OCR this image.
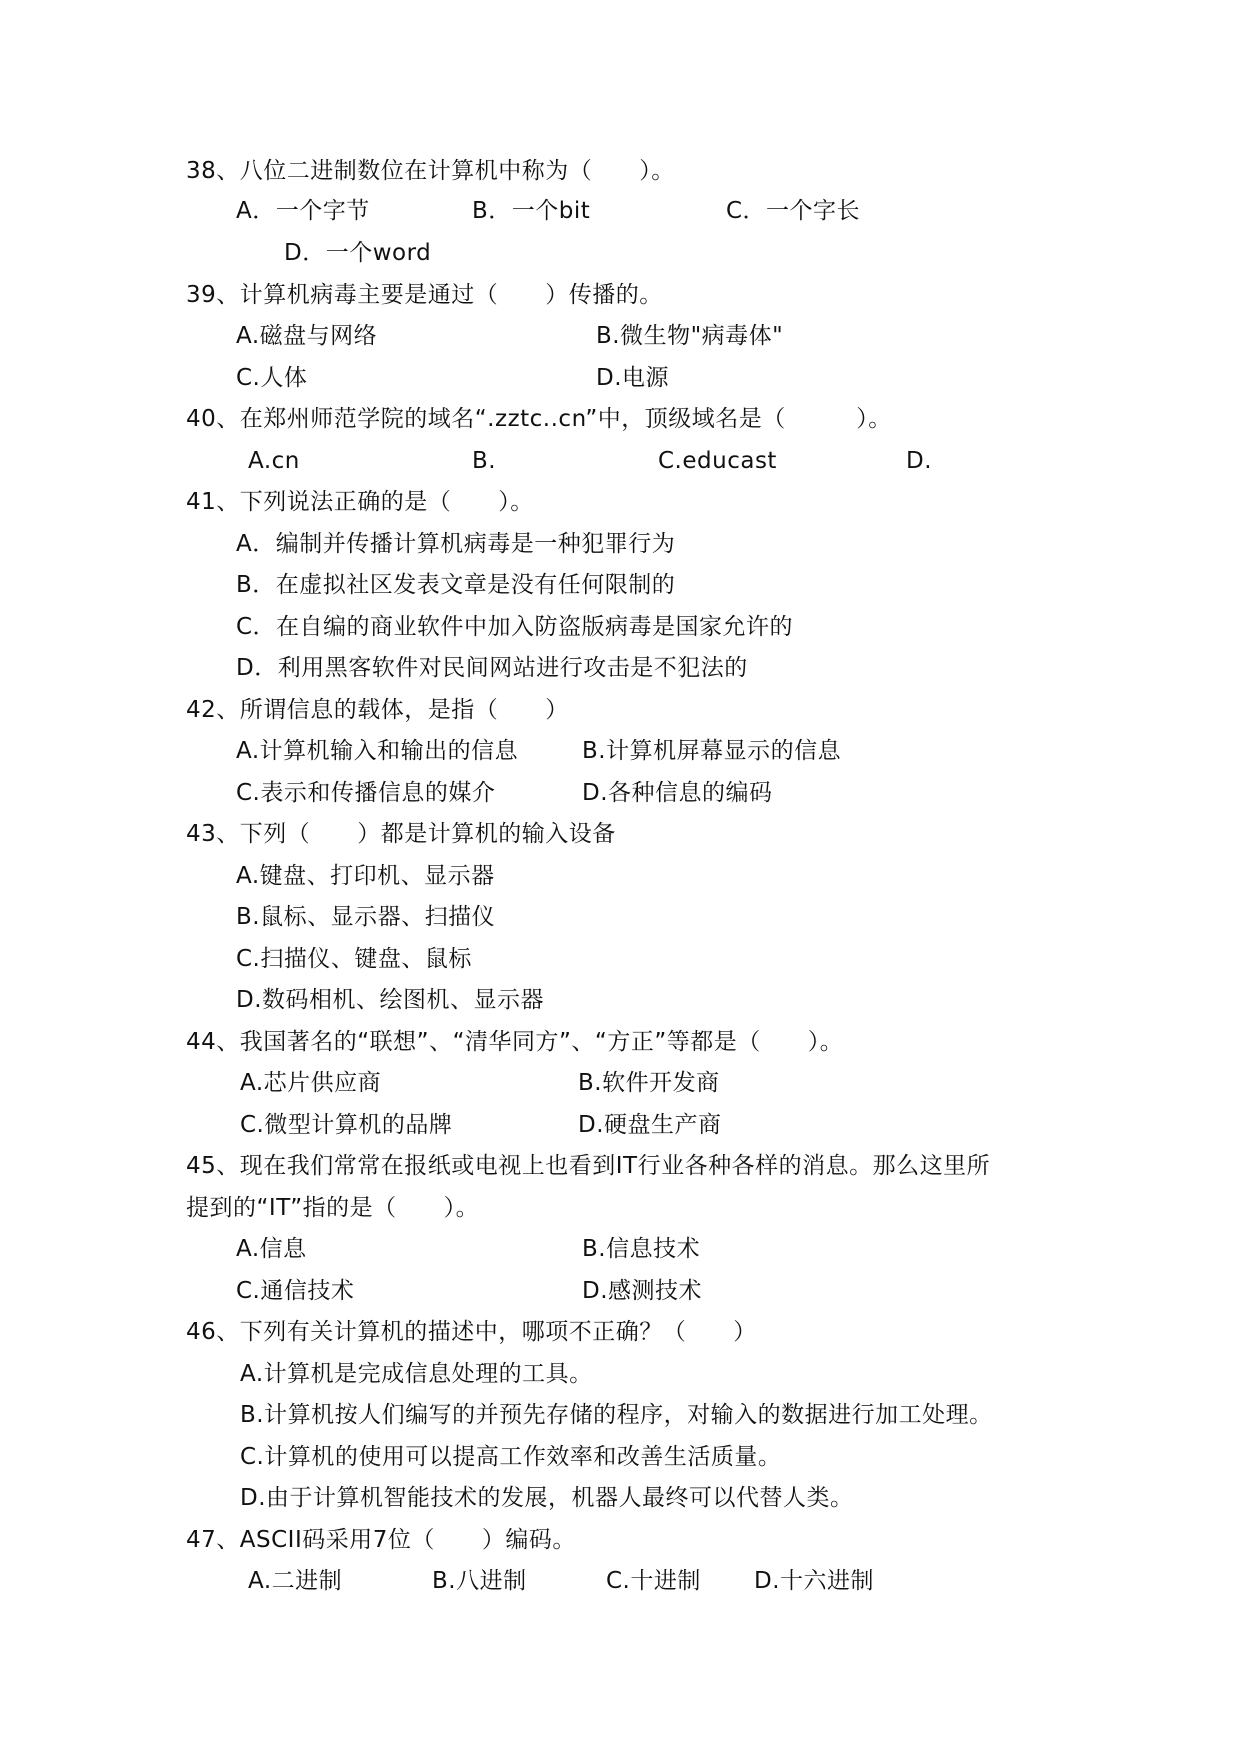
38、八位二进制数位在计算机中称为（　　）。
A．一个字节	B．一个bit	C．一个字长
D．一个word
39、计算机病毒主要是通过（　　）传播的。
A.磁盘与网络	B.微生物"病毒体"
C.人体	D.电源
40、在郑州师范学院的域名“.zztc..cn”中，顶级域名是（　　　）。
A.cn	B.	C.educast	D.
41、下列说法正确的是（　　）。
A．编制并传播计算机病毒是一种犯罪行为
B．在虚拟社区发表文章是没有任何限制的
C．在自编的商业软件中加入防盗版病毒是国家允许的
D．利用黑客软件对民间网站进行攻击是不犯法的
42、所谓信息的载体，是指（　　）
A.计算机输入和输出的信息	B.计算机屏幕显示的信息
C.表示和传播信息的媒介	D.各种信息的编码
43、下列（　　）都是计算机的输入设备
A.键盘、打印机、显示器
B.鼠标、显示器、扫描仪
C.扫描仪、键盘、鼠标
D.数码相机、绘图机、显示器
44、我国著名的“联想”、“清华同方”、“方正”等都是（　　）。
A.芯片供应商	B.软件开发商
C.微型计算机的品牌	D.硬盘生产商
45、现在我们常常在报纸或电视上也看到IT行业各种各样的消息。那么这里所
提到的“IT”指的是（　　）。
A.信息	B.信息技术
C.通信技术	D.感测技术
46、下列有关计算机的描述中，哪项不正确？（　　）
A.计算机是完成信息处理的工具。
B.计算机按人们编写的并预先存储的程序，对输入的数据进行加工处理。
C.计算机的使用可以提高工作效率和改善生活质量。
D.由于计算机智能技术的发展，机器人最终可以代替人类。
47、ASCII码采用7位（　　）编码。
A.二进制	B.八进制	C.十进制 D.十六进制
